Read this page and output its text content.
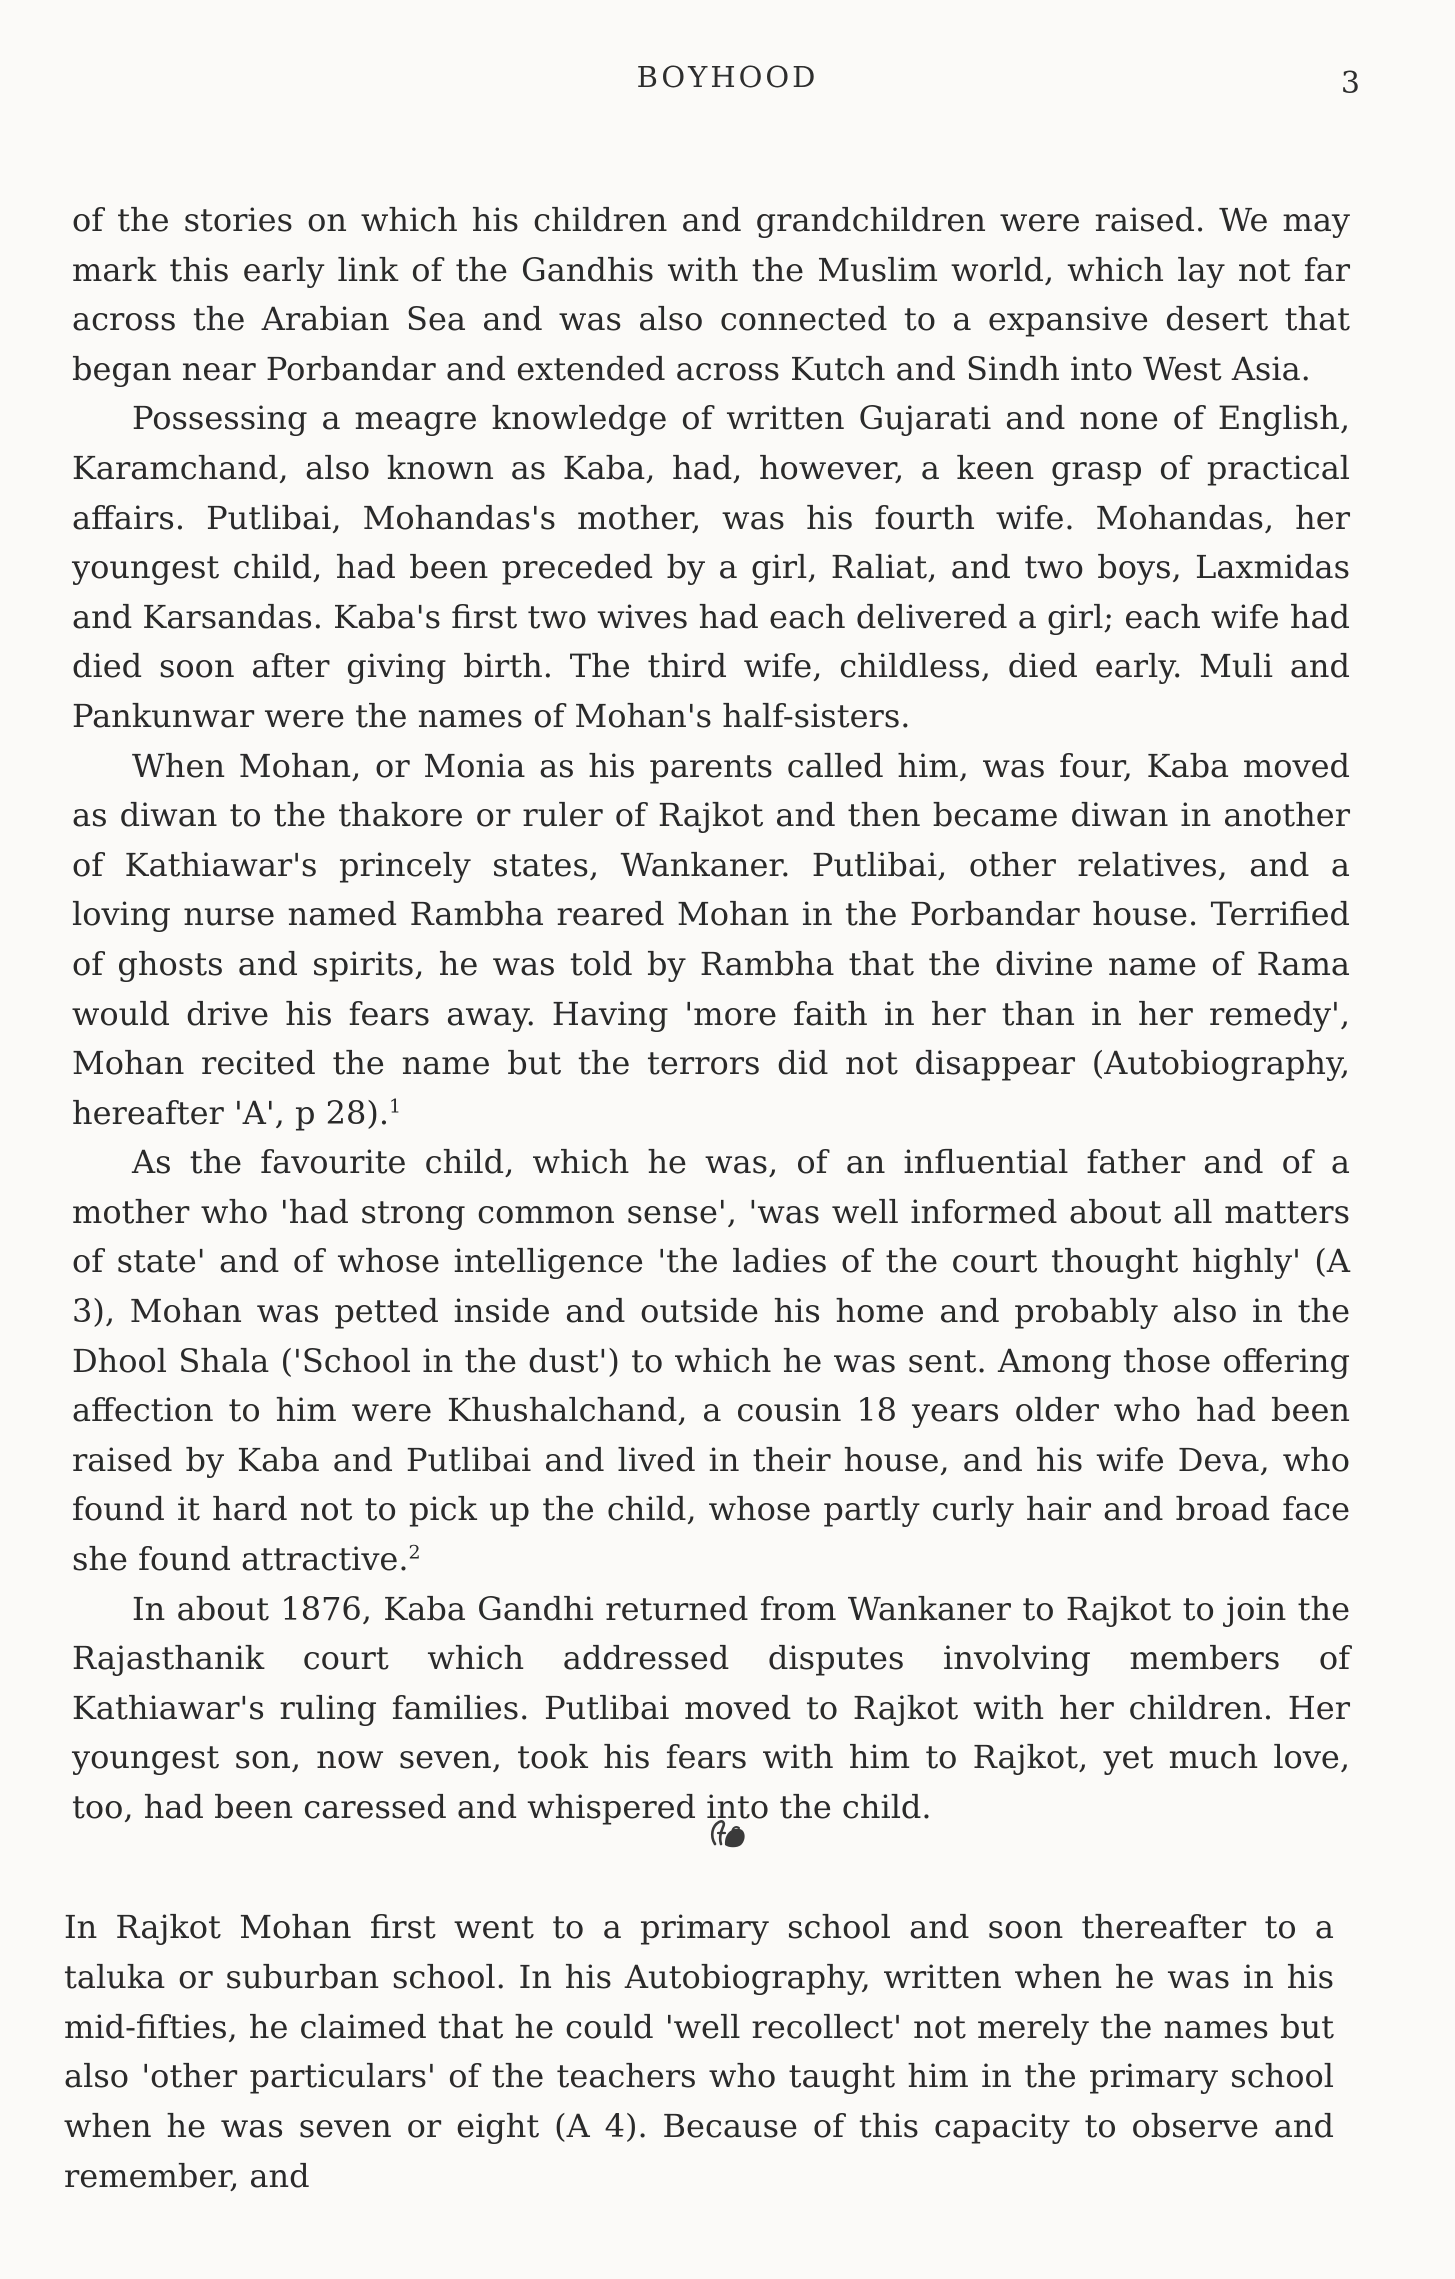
BOYHOOD	3

of the stories on which his children and grandchildren were raised. We may mark this early link of the Gandhis with the Muslim world, which lay not far across the Arabian Sea and was also connected to a expansive desert that began near Porbandar and extended across Kutch and Sindh into West Asia.

Possessing a meagre knowledge of written Gujarati and none of English, Karamchand, also known as Kaba, had, however, a keen grasp of practical affairs. Putlibai, Mohandas's mother, was his fourth wife. Mohandas, her youngest child, had been preceded by a girl, Raliat, and two boys, Laxmidas and Karsandas. Kaba's first two wives had each delivered a girl; each wife had died soon after giving birth. The third wife, childless, died early. Muli and Pankunwar were the names of Mohan's half-sisters.

When Mohan, or Monia as his parents called him, was four, Kaba moved as diwan to the thakore or ruler of Rajkot and then became diwan in another of Kathiawar's princely states, Wankaner. Putlibai, other relatives, and a loving nurse named Rambha reared Mohan in the Porbandar house. Terrified of ghosts and spirits, he was told by Rambha that the divine name of Rama would drive his fears away. Having 'more faith in her than in her remedy', Mohan recited the name but the terrors did not disappear (Autobiography, hereafter 'A', p 28).$^1$

As the favourite child, which he was, of an influential father and of a mother who 'had strong common sense', 'was well informed about all matters of state' and of whose intelligence 'the ladies of the court thought highly' (A 3), Mohan was petted inside and outside his home and probably also in the Dhool Shala ('School in the dust') to which he was sent. Among those offering affection to him were Khushalchand, a cousin 18 years older who had been raised by Kaba and Putlibai and lived in their house, and his wife Deva, who found it hard not to pick up the child, whose partly curly hair and broad face she found attractive.$^2$

In about 1876, Kaba Gandhi returned from Wankaner to Rajkot to join the Rajasthanik court which addressed disputes involving members of Kathiawar's ruling families. Putlibai moved to Rajkot with her children. Her youngest son, now seven, took his fears with him to Rajkot, yet much love, too, had been caressed and whispered into the child.

In Rajkot Mohan first went to a primary school and soon thereafter to a taluka or suburban school. In his Autobiography, written when he was in his mid-fifties, he claimed that he could 'well recollect' not merely the names but also 'other particulars' of the teachers who taught him in the primary school when he was seven or eight (A 4). Because of this capacity to observe and remember, and
